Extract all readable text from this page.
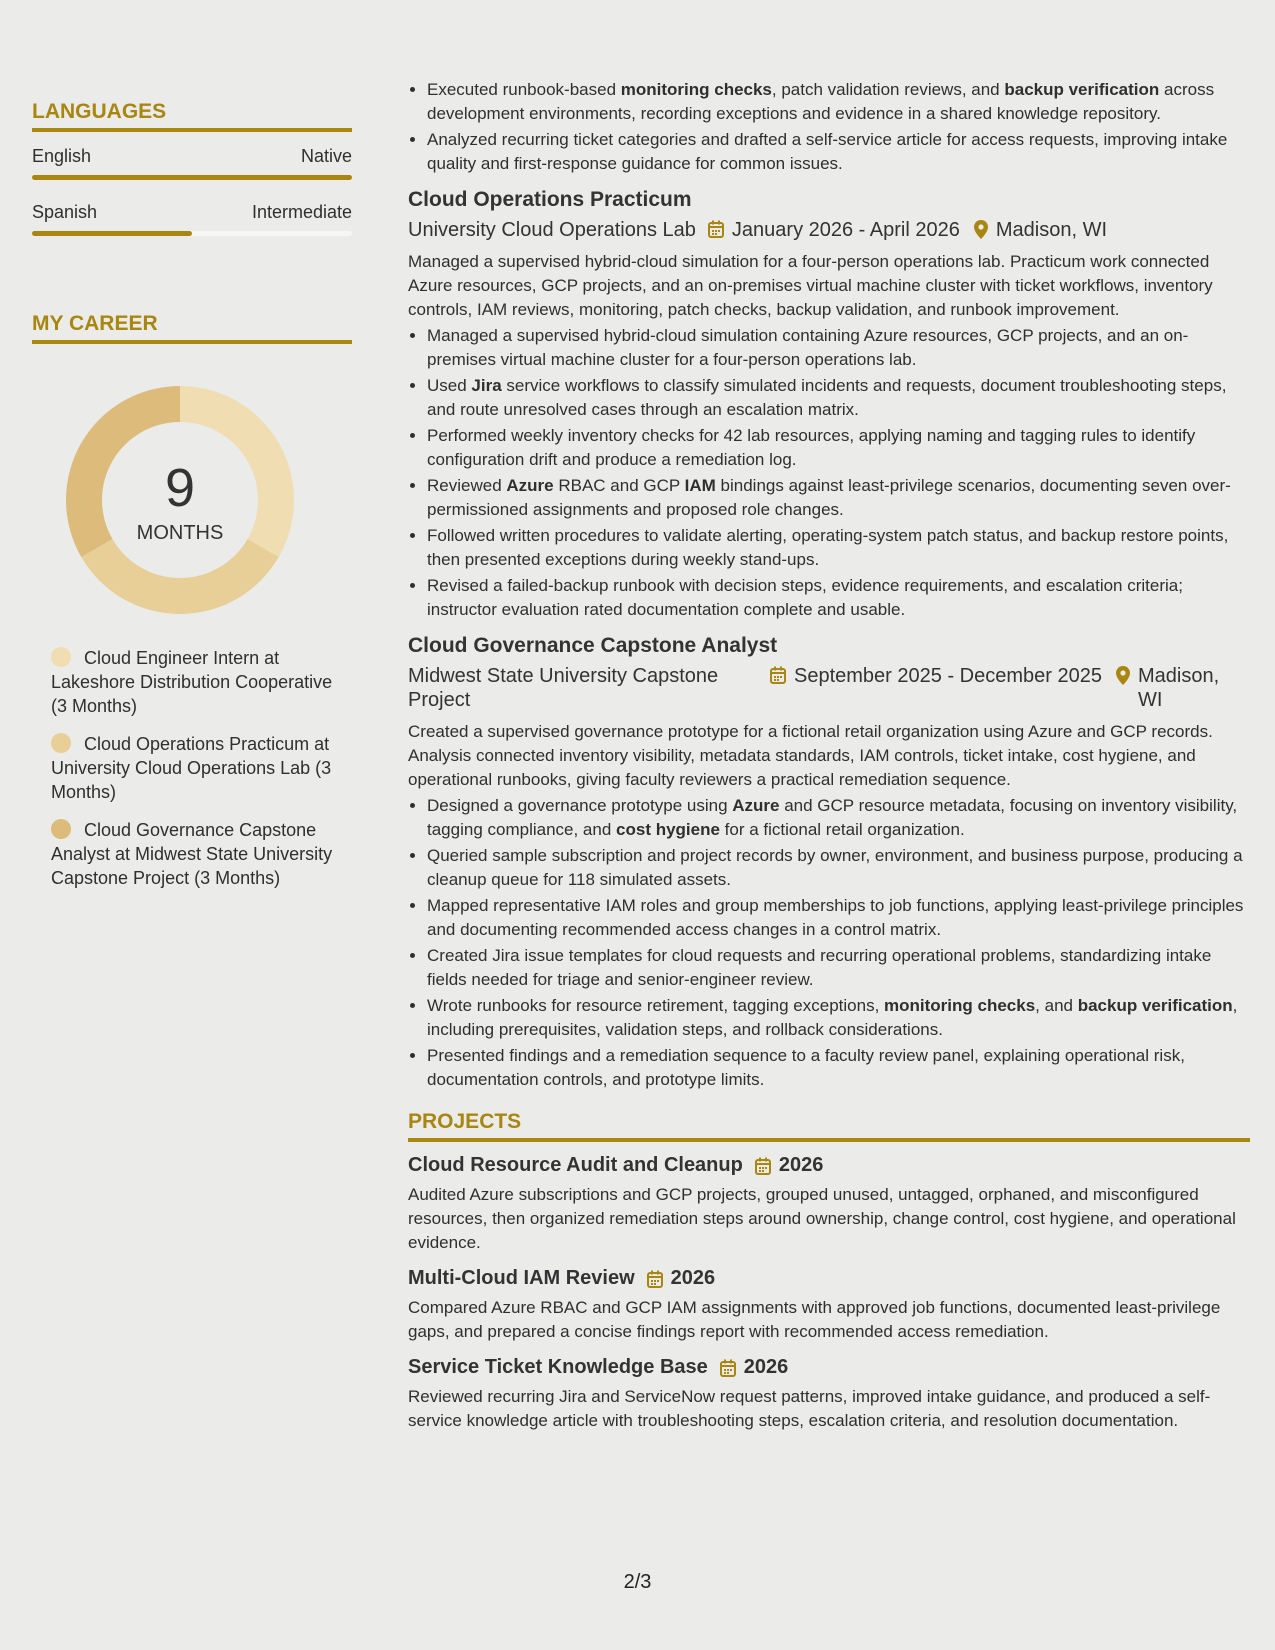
LANGUAGES
English	Native
Spanish	Intermediate
MY CAREER
9
MONTHS
Cloud Engineer Intern at Lakeshore Distribution Cooperative (3 Months)
Cloud Operations Practicum at University Cloud Operations Lab (3 Months)
Cloud Governance Capstone Analyst at Midwest State University Capstone Project (3 Months)
• Executed runbook-based monitoring checks, patch validation reviews, and backup verification across development environments, recording exceptions and evidence in a shared knowledge repository.
• Analyzed recurring ticket categories and drafted a self-service article for access requests, improving intake quality and first-response guidance for common issues.
Cloud Operations Practicum
University Cloud Operations Lab January 2026 - April 2026 Madison, WI
Managed a supervised hybrid-cloud simulation for a four-person operations lab. Practicum work connected Azure resources, GCP projects, and an on-premises virtual machine cluster with ticket workflows, inventory controls, IAM reviews, monitoring, patch checks, backup validation, and runbook improvement.
• Managed a supervised hybrid-cloud simulation containing Azure resources, GCP projects, and an on-premises virtual machine cluster for a four-person operations lab.
• Used Jira service workflows to classify simulated incidents and requests, document troubleshooting steps, and route unresolved cases through an escalation matrix.
• Performed weekly inventory checks for 42 lab resources, applying naming and tagging rules to identify configuration drift and produce a remediation log.
• Reviewed Azure RBAC and GCP IAM bindings against least-privilege scenarios, documenting seven over-permissioned assignments and proposed role changes.
• Followed written procedures to validate alerting, operating-system patch status, and backup restore points, then presented exceptions during weekly stand-ups.
• Revised a failed-backup runbook with decision steps, evidence requirements, and escalation criteria; instructor evaluation rated documentation complete and usable.
Cloud Governance Capstone Analyst
Midwest State University Capstone Project
September 2025 - December 2025 Madison, WI
Created a supervised governance prototype for a fictional retail organization using Azure and GCP records. Analysis connected inventory visibility, metadata standards, IAM controls, ticket intake, cost hygiene, and operational runbooks, giving faculty reviewers a practical remediation sequence.
• Designed a governance prototype using Azure and GCP resource metadata, focusing on inventory visibility, tagging compliance, and cost hygiene for a fictional retail organization.
• Queried sample subscription and project records by owner, environment, and business purpose, producing a cleanup queue for 118 simulated assets.
• Mapped representative IAM roles and group memberships to job functions, applying least-privilege principles and documenting recommended access changes in a control matrix.
• Created Jira issue templates for cloud requests and recurring operational problems, standardizing intake fields needed for triage and senior-engineer review.
• Wrote runbooks for resource retirement, tagging exceptions, monitoring checks, and backup verification, including prerequisites, validation steps, and rollback considerations.
• Presented findings and a remediation sequence to a faculty review panel, explaining operational risk, documentation controls, and prototype limits.
PROJECTS
Cloud Resource Audit and Cleanup 2026
Audited Azure subscriptions and GCP projects, grouped unused, untagged, orphaned, and misconfigured resources, then organized remediation steps around ownership, change control, cost hygiene, and operational evidence.
Multi-Cloud IAM Review 2026
Compared Azure RBAC and GCP IAM assignments with approved job functions, documented least-privilege gaps, and prepared a concise findings report with recommended access remediation.
Service Ticket Knowledge Base 2026
Reviewed recurring Jira and ServiceNow request patterns, improved intake guidance, and produced a self-service knowledge article with troubleshooting steps, escalation criteria, and resolution documentation.
2/3
